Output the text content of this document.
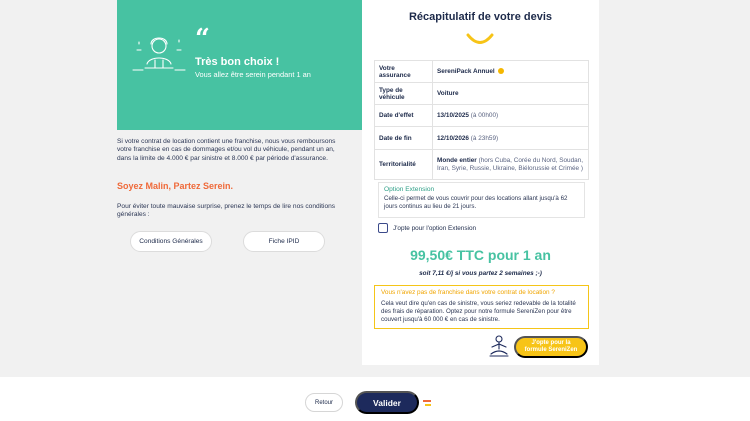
“
Très bon choix !
Vous allez être serein pendant 1 an
Si votre contrat de location contient une franchise, nous vous remboursons votre franchise en cas de dommages et/ou vol du véhicule, pendant un an, dans la limite de 4.000 € par sinistre et 8.000 € par période d'assurance.
Soyez Malin, Partez Serein.
Pour éviter toute mauvaise surprise, prenez le temps de lire nos conditions générales :
Conditions Générales	Fiche IPID
Récapitulatif de votre devis
Votre assurance	SereniPack Annuel
Type de véhicule	Voiture
Date d'effet	13/10/2025 (à 00h00)
Date de fin	12/10/2026 (à 23h59)
Territorialité	Monde entier (hors Cuba, Corée du Nord, Soudan, Iran, Syrie, Russie, Ukraine, Biélorussie et Crimée )
Option Extension
Celle-ci permet de vous couvrir pour des locations allant jusqu'à 62 jours continus au lieu de 21 jours.
J'opte pour l'option Extension
99,50€ TTC pour 1 an
soit 7,11 €/j si vous partez 2 semaines ;-)
Vous n'avez pas de franchise dans votre contrat de location ?
Cela veut dire qu'en cas de sinistre, vous seriez redevable de la totalité des frais de réparation. Optez pour notre formule SereniZen pour être couvert jusqu'à 60 000 € en cas de sinistre.
J'opte pour la formule SereniZen
Retour	Valider
